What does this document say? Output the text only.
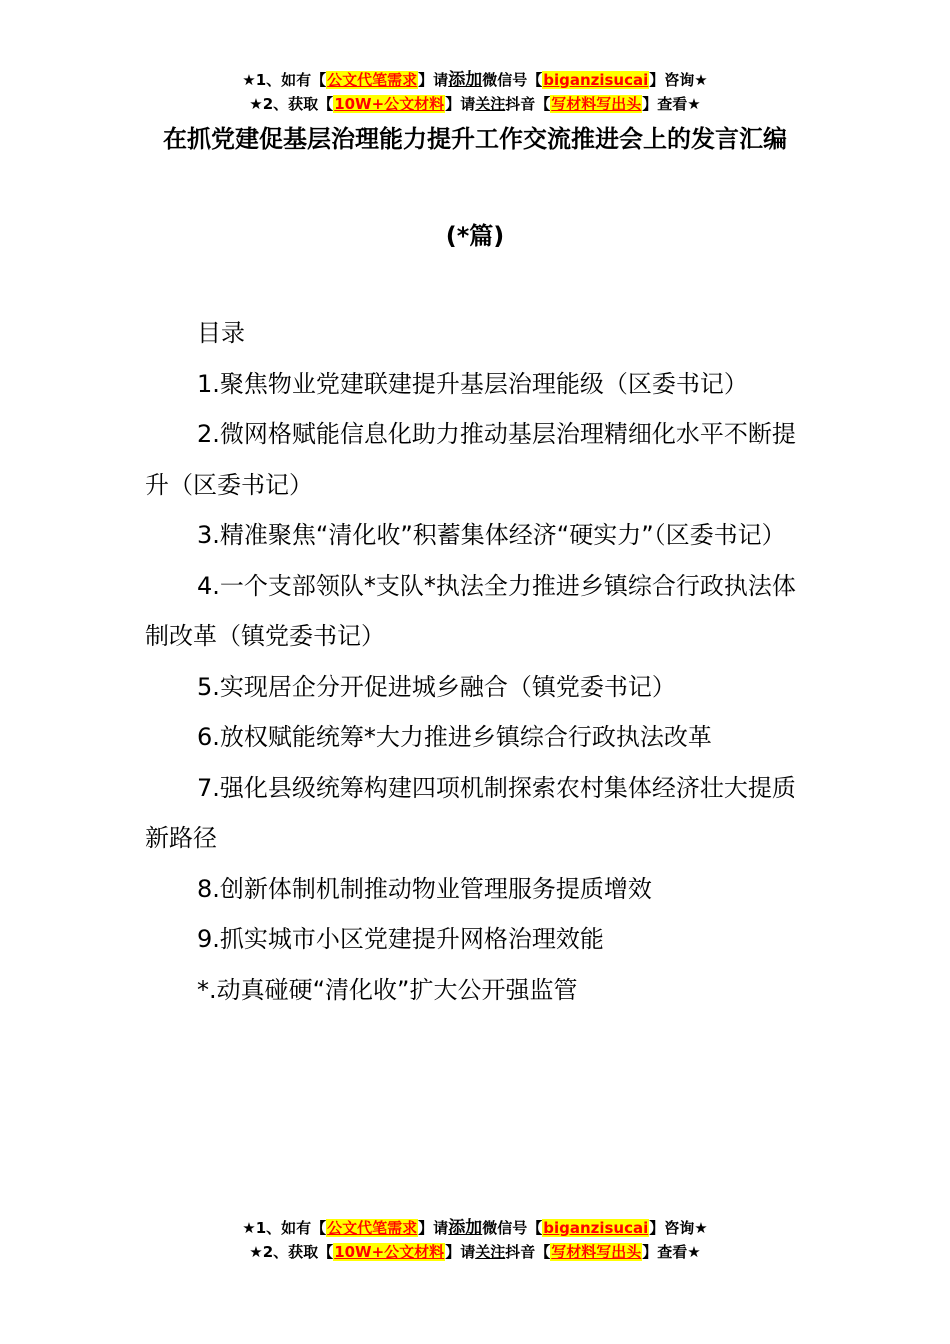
★1、如有【公文代笔需求】请添加微信号【biganzisucai】咨询★
★2、获取【10W+公文材料】请关注抖音【写材料写出头】查看★
在抓党建促基层治理能力提升工作交流推进会上的发言汇编
(*篇)

目录

1.聚焦物业党建联建提升基层治理能级（区委书记）

2.微网格赋能信息化助力推动基层治理精细化水平不断提升（区委书记）

3.精准聚焦“清化收”积蓄集体经济“硬实力”（区委书记）

4.一个支部领队*支队*执法全力推进乡镇综合行政执法体制改革（镇党委书记）

5.实现居企分开促进城乡融合（镇党委书记）

6.放权赋能统筹*大力推进乡镇综合行政执法改革

7.强化县级统筹构建四项机制探索农村集体经济壮大提质新路径

8.创新体制机制推动物业管理服务提质增效

9.抓实城市小区党建提升网格治理效能

*.动真碰硬“清化收”扩大公开强监管

★1、如有【公文代笔需求】请添加微信号【biganzisucai】咨询★
★2、获取【10W+公文材料】请关注抖音【写材料写出头】查看★
